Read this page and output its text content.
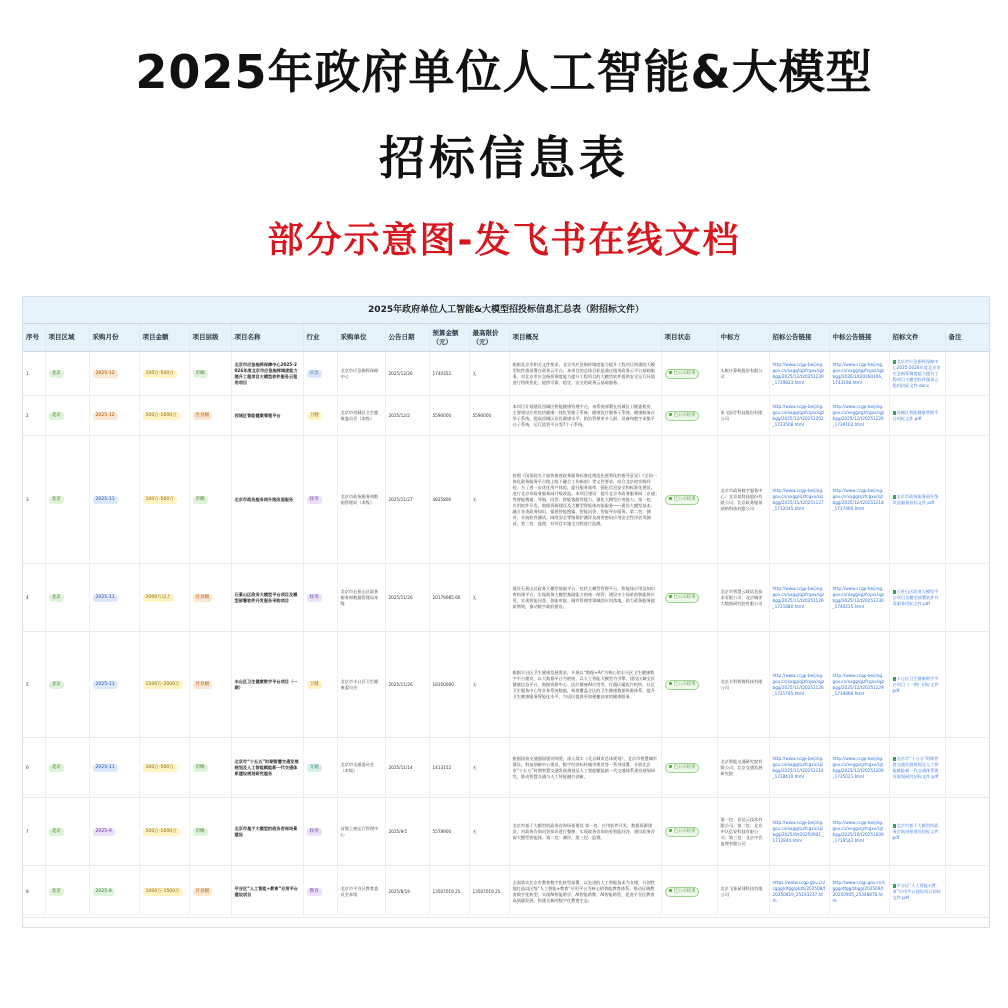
2025年政府单位人工智能&大模型
招标信息表
部分示意图-发飞书在线文档
2025年政府单位人工智能&大模型招投标信息汇总表（附招标文件）
序号	项目区域	采购月份	项目金额	项目层级	项目名称	行业	采购单位	公告日期	预算金额（元）	最高限价（元）	项目概况	项目状态	中标方	招标公告链接	中标公告链接	招标文件	备注
1	北京	2025-12	100万-500万	市级	北京市应急指挥保障中心2025-2026年度北京市应急指挥调度能力提升工程项目大模型软件服务云租用项目	应急	北京市应急指挥保障中心	2025/12/30	1740352	无	根据北京市相关文件要求，北京市应急指挥调度能力提升工程项目构建的大模型软件需部署在政务云平台。本项目的总体目标是通过租用政务云平台基础服务，对北京市应急指挥调度能力提升工程项目的大模型软件提供安全运行环境进行持续优化，提供可靠、稳定、安全的政务云基础服务。	已公示结果	太极计算机股份有限公司	http://www.ccgp-beijing.gov.cn/xxgg/qjzfcgxx/qjzbgg/2025/12/t20251230_1739823.html	http://www.ccgp-beijing.gov.cn/xxgg/qjzfcgxx/qjzbgg/2026/1/t20260106_1743198.html	北京市应急指挥保障中心2025-2026年度北京市应急指挥调度能力提升工程项目大模型软件服务云租用招标文件.docx	
2	北京	2025-12	500万-1000万	区县级	西城区智能健康管理平台	卫健	北京市西城区卫生健康委员会（本级）	2025/12/2	5590000	5590000	本项目计划建设西城区智能健康管理平台，该系统部署在西城区卫健委机房，主要建设应用包括健康一体化管理子系统、健康医疗服务子系统、健康服务应用子系统，提高西城区居民健康水平，防治管理更多人群、设备和数字采集平台子系统，运行监管平台等7个子系统。	已公示结果	讯飞医疗科技股份有限公司	http://www.ccgp-beijing.gov.cn/xxgg/qjzfcgxx/qjzbgg/2025/12/t20251202_1733508.html	http://www.ccgp-beijing.gov.cn/xxgg/qjzfcgxx/qjzbgg/2025/12/t20251226_1739102.html	西城区智能健康管理平台招标文件.pdf	
3	北京	2025-11	100万-500万	市级	北京市政务服务网升级改造服务	政务	北京市政务服务和数据管理局（本级）	2025/11/27	4825800	无	按照《国务院关于加快推进政务服务标准化规范化便利化的指导意见》《全国一体化政务服务平台线上线下融合工作指南》等文件要求，结合北京的实践经验，为了进一步优化用户体验，提升服务效率，强化信息安全和标准化建设，进行北京市政务服务网升级改造。本项目建设：提升北京市政务服务网「京通」等智能搜索、导航、问答、智能客服等能力，强化大模型应用能力。第一包：应用软件开发，数据资源建设及大模型智能体功能服务——建设大模型技术，融合各类政务知识，提供智能搜索、智能问答、智能导办服务。第二包：测评，开展软件测试、网络安全等级保护测评及商用密码应用安全性评估等测试。第三包：监理，对项目实施全过程进行监理。	已公示结果	北京市政务数字服务中心；北京某科技股份有限公司；北京政务服务网络科技有限公司	http://www.ccgp-beijing.gov.cn/xxgg/sjzfcgxx/sjzbgg/2025/11/t20251127_1732045.html	http://www.ccgp-beijing.gov.cn/xxgg/sjzfcgxx/sjzbgg/2025/12/t20251218_1737460.html	北京市政务服务网升级改造服务招标文件.pdf	
4	北京	2025-11	2000万以上	区县级	石景山区政务大模型平台项目及模型部署软件开发服务采购项目	政务	北京市石景山区政务服务和数据管理局本级	2025/11/26	20179085.66	无	建设石景山区政务大模型基础平台，包括大模型管理平台、智能体应用及知识库构建平台，实现政务大模型基础能力的统一纳管；建设多个场景的智能体应用，实现智能问答、智能审批、城市管理等领域的应用落地，助力政务服务提质增效，推动数字政府建设。	已公示结果	北京市智慧云政信息技术有限公司；北京城市大数据研究院有限公司	http://www.ccgp-beijing.gov.cn/xxgg/qjzfcgxx/qjzbgg/2025/11/t20251126_1731880.html	http://www.ccgp-beijing.gov.cn/xxgg/qjzfcgxx/qjzbgg/2025/12/t20251230_1740215.html	石景山区政务大模型平台项目及模型部署软件开发服务招标文件.pdf	
5	北京	2025-11	1500万-2000万	区县级	丰台区卫生健康数字平台项目（一期）	卫健	北京市丰台区卫生健康委员会	2025/11/26	18350000	无	根据丰台区卫生健康发展需求，开展以“数据+AI”为核心的丰台区卫生健康数字平台建设，以大数据平台为底座，以人工智能大模型为引擎，建设区域全民健康信息平台、数据资源中心、医疗健康AI应用等，打通区属医疗机构、社区卫生服务中心等业务系统数据，构建覆盖全区的卫生健康数据资源体系，提升卫生健康服务智能化水平，为居民提供更加便捷高效的健康服务。	已公示结果	北京丰科智数科技有限公司	http://www.ccgp-beijing.gov.cn/xxgg/qjzfcgxx/qjzbgg/2025/11/t20251126_1731795.html	http://www.ccgp-beijing.gov.cn/xxgg/qjzfcgxx/qjzbgg/2025/12/t20251229_1739866.html	丰台区卫生健康数字平台项目（一期）招标文件.pdf	
6	北京	2025-11	100万-500万	市级	北京市“十五五”时期智慧交通发展规划及人工智能赋能新一代交通体系建设规划研究服务	交通	北京市交通委员会（本级）	2025/11/14	1413152	无	根据国家交通强国建设纲要，深入落实《北京城市总体规划》，北京市智慧城市建设，科技创新中心建设，数字经济标杆城市建设等一系列部署，开展北京市“十五五”时期智慧交通发展规划及人工智能赋能新一代交通体系建设规划研究，推动智慧交通与人工智能融合创新。	已公示结果	北京智能交通研究院有限公司；北京交通发展研究院	http://www.ccgp-beijing.gov.cn/xxgg/sjzfcgxx/sjzbgg/2025/11/t20251114_1728410.html	http://www.ccgp-beijing.gov.cn/xxgg/sjzfcgxx/sjzbgg/2025/12/t20251209_1735021.html	北京市“十五五”时期智慧交通发展规划及人工智能赋能新一代交通体系建设规划研究招标文件.pdf	
7	北京	2025-9	500万-1000万	市级	北京市基于大模型的政务咨询场景建设	政务	首都之窗运行管理中心	2025/9/1	5578900	无	北京市基于大模型的政务咨询场景建设 第一包：应用软件开发。数据资源建设，对政务咨询问答知识进行整理，实现政务咨询场景智能问答，建设政务咨询大模型智能体。第二包：测评。第三包：监理。	已公示结果	第一包：首信云技术有限公司；第二包：北京中认信安科技有限公司；第三包：北京中咨监理有限公司	http://www.ccgp-beijing.gov.cn/xxgg/sjzfcgxx/sjzbgg/2025/9/t20250901_1712844.html	http://www.ccgp-beijing.gov.cn/xxgg/sjzfcgxx/sjzbgg/2025/10/t20251009_1719542.html	北京市基于大模型的政务咨询场景建设招标文件.pdf	
8	北京	2025-8	1000万-1500万	区县级	平谷区“人工智能+教育”应用平台建设项目	教育	北京市平谷区教育委员会本级	2025/8/19	13507019.25	13507019.25	全面落实北京市教育数字化转型部署，以先进的人工智能技术为支撑，开创性地打造以区级“人工智能+教育”应用平台为核心的智能教育体系，推动区域教育数字化转型，实现AI智能助学、AI智能助教、AI智能助管，促进平谷区教育高质量发展，构建全新的数字化教育生态。	已公示结果	北京飞象星球科技有限公司	https://www.ccgp.gov.cn/cggg/dfgg/gkzb/202508/t20250819_25193237.htm	http://www.ccgp.gov.cn/cggg/dfgg/zbgg/202509/t20250905_25348878.htm	平谷区“人工智能+教育”应用平台建设项目招标文件.pdf	
